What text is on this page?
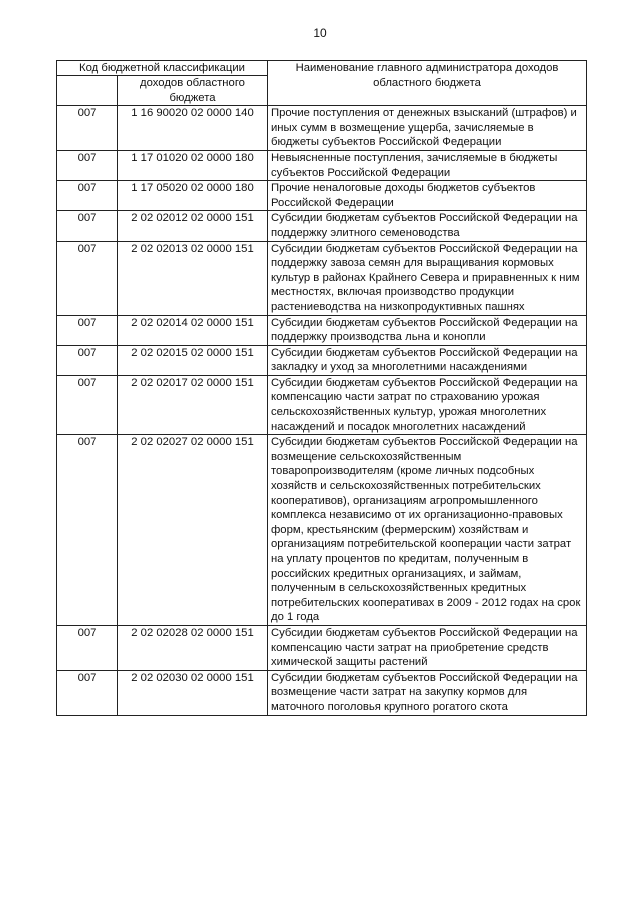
10
Код бюджетной классификации		Наименование главного администратора доходов областного бюджета
	доходов областного бюджета	
007	1 16 90020 02 0000 140	Прочие поступления от денежных взысканий (штрафов) и иных сумм в возмещение ущерба, зачисляемые в бюджеты субъектов Российской Федерации
007	1 17 01020 02 0000 180	Невыясненные поступления, зачисляемые в бюджеты субъектов Российской Федерации
007	1 17 05020 02 0000 180	Прочие неналоговые доходы бюджетов субъектов Российской Федерации
007	2 02 02012 02 0000 151	Субсидии бюджетам субъектов Российской Федерации на поддержку элитного семеноводства
007	2 02 02013 02 0000 151	Субсидии бюджетам субъектов Российской Федерации на поддержку завоза семян для выращивания кормовых культур в районах Крайнего Севера и приравненных к ним местностях, включая производство продукции растениеводства на низкопродуктивных пашнях
007	2 02 02014 02 0000 151	Субсидии бюджетам субъектов Российской Федерации на поддержку производства льна и конопли
007	2 02 02015 02 0000 151	Субсидии бюджетам субъектов Российской Федерации на закладку и уход за многолетними насаждениями
007	2 02 02017 02 0000 151	Субсидии бюджетам субъектов Российской Федерации на компенсацию части затрат по страхованию урожая сельскохозяйственных культур, урожая многолетних насаждений и посадок многолетних насаждений
007	2 02 02027 02 0000 151	Субсидии бюджетам субъектов Российской Федерации на возмещение сельскохозяйственным товаропроизводителям (кроме личных подсобных хозяйств и сельскохозяйственных потребительских кооперативов), организациям агропромышленного комплекса независимо от их организационно-правовых форм, крестьянским (фермерским) хозяйствам и организациям потребительской кооперации части затрат на уплату процентов по кредитам, полученным в российских кредитных организациях, и займам, полученным в сельскохозяйственных кредитных потребительских кооперативах в 2009 - 2012 годах на срок до 1 года
007	2 02 02028 02 0000 151	Субсидии бюджетам субъектов Российской Федерации на компенсацию части затрат на приобретение средств химической защиты растений
007	2 02 02030 02 0000 151	Субсидии бюджетам субъектов Российской Федерации на возмещение части затрат на закупку кормов для маточного поголовья крупного рогатого скота
